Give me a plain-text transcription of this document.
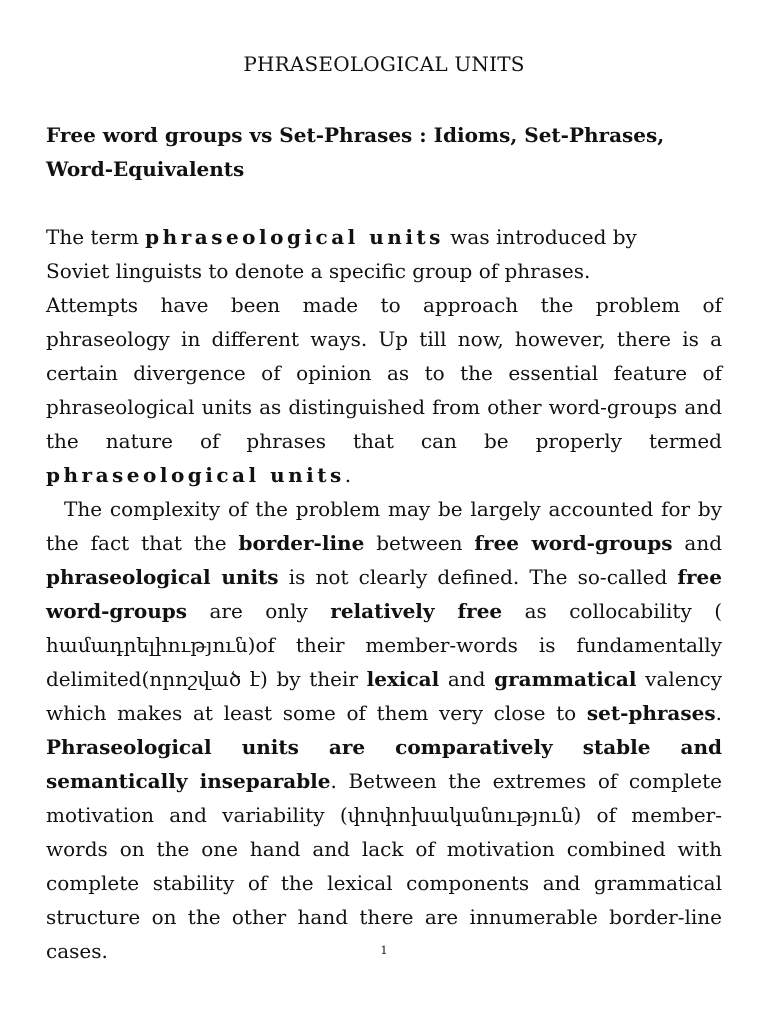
PHRASEOLOGICAL UNITS
Free word groups vs Set-Phrases : Idioms, Set-Phrases, Word-Equivalents

The term phraseological units was introduced by Soviet linguists to denote a specific group of phrases.

Attempts have been made to approach the problem of phraseology in different ways. Up till now, however, there is a certain divergence of opinion as to the essential feature of phraseological units as distinguished from other word-groups and the nature of phrases that can be properly termed phraseological units.

The complexity of the problem may be largely accounted for by the fact that the border-line between free word-groups and phraseological units is not clearly defined. The so-called free word-groups are only relatively free as collocability ( համադրելիություն)of their member-words is fundamentally delimited(որոշված է) by their lexical and grammatical valency which makes at least some of them very close to set-phrases. Phraseological units are comparatively stable and semantically inseparable. Between the extremes of complete motivation and variability (փոփոխականություն) of member-words on the one hand and lack of motivation combined with complete stability of the lexical components and grammatical structure on the other hand there are innumerable border-line cases.	1
